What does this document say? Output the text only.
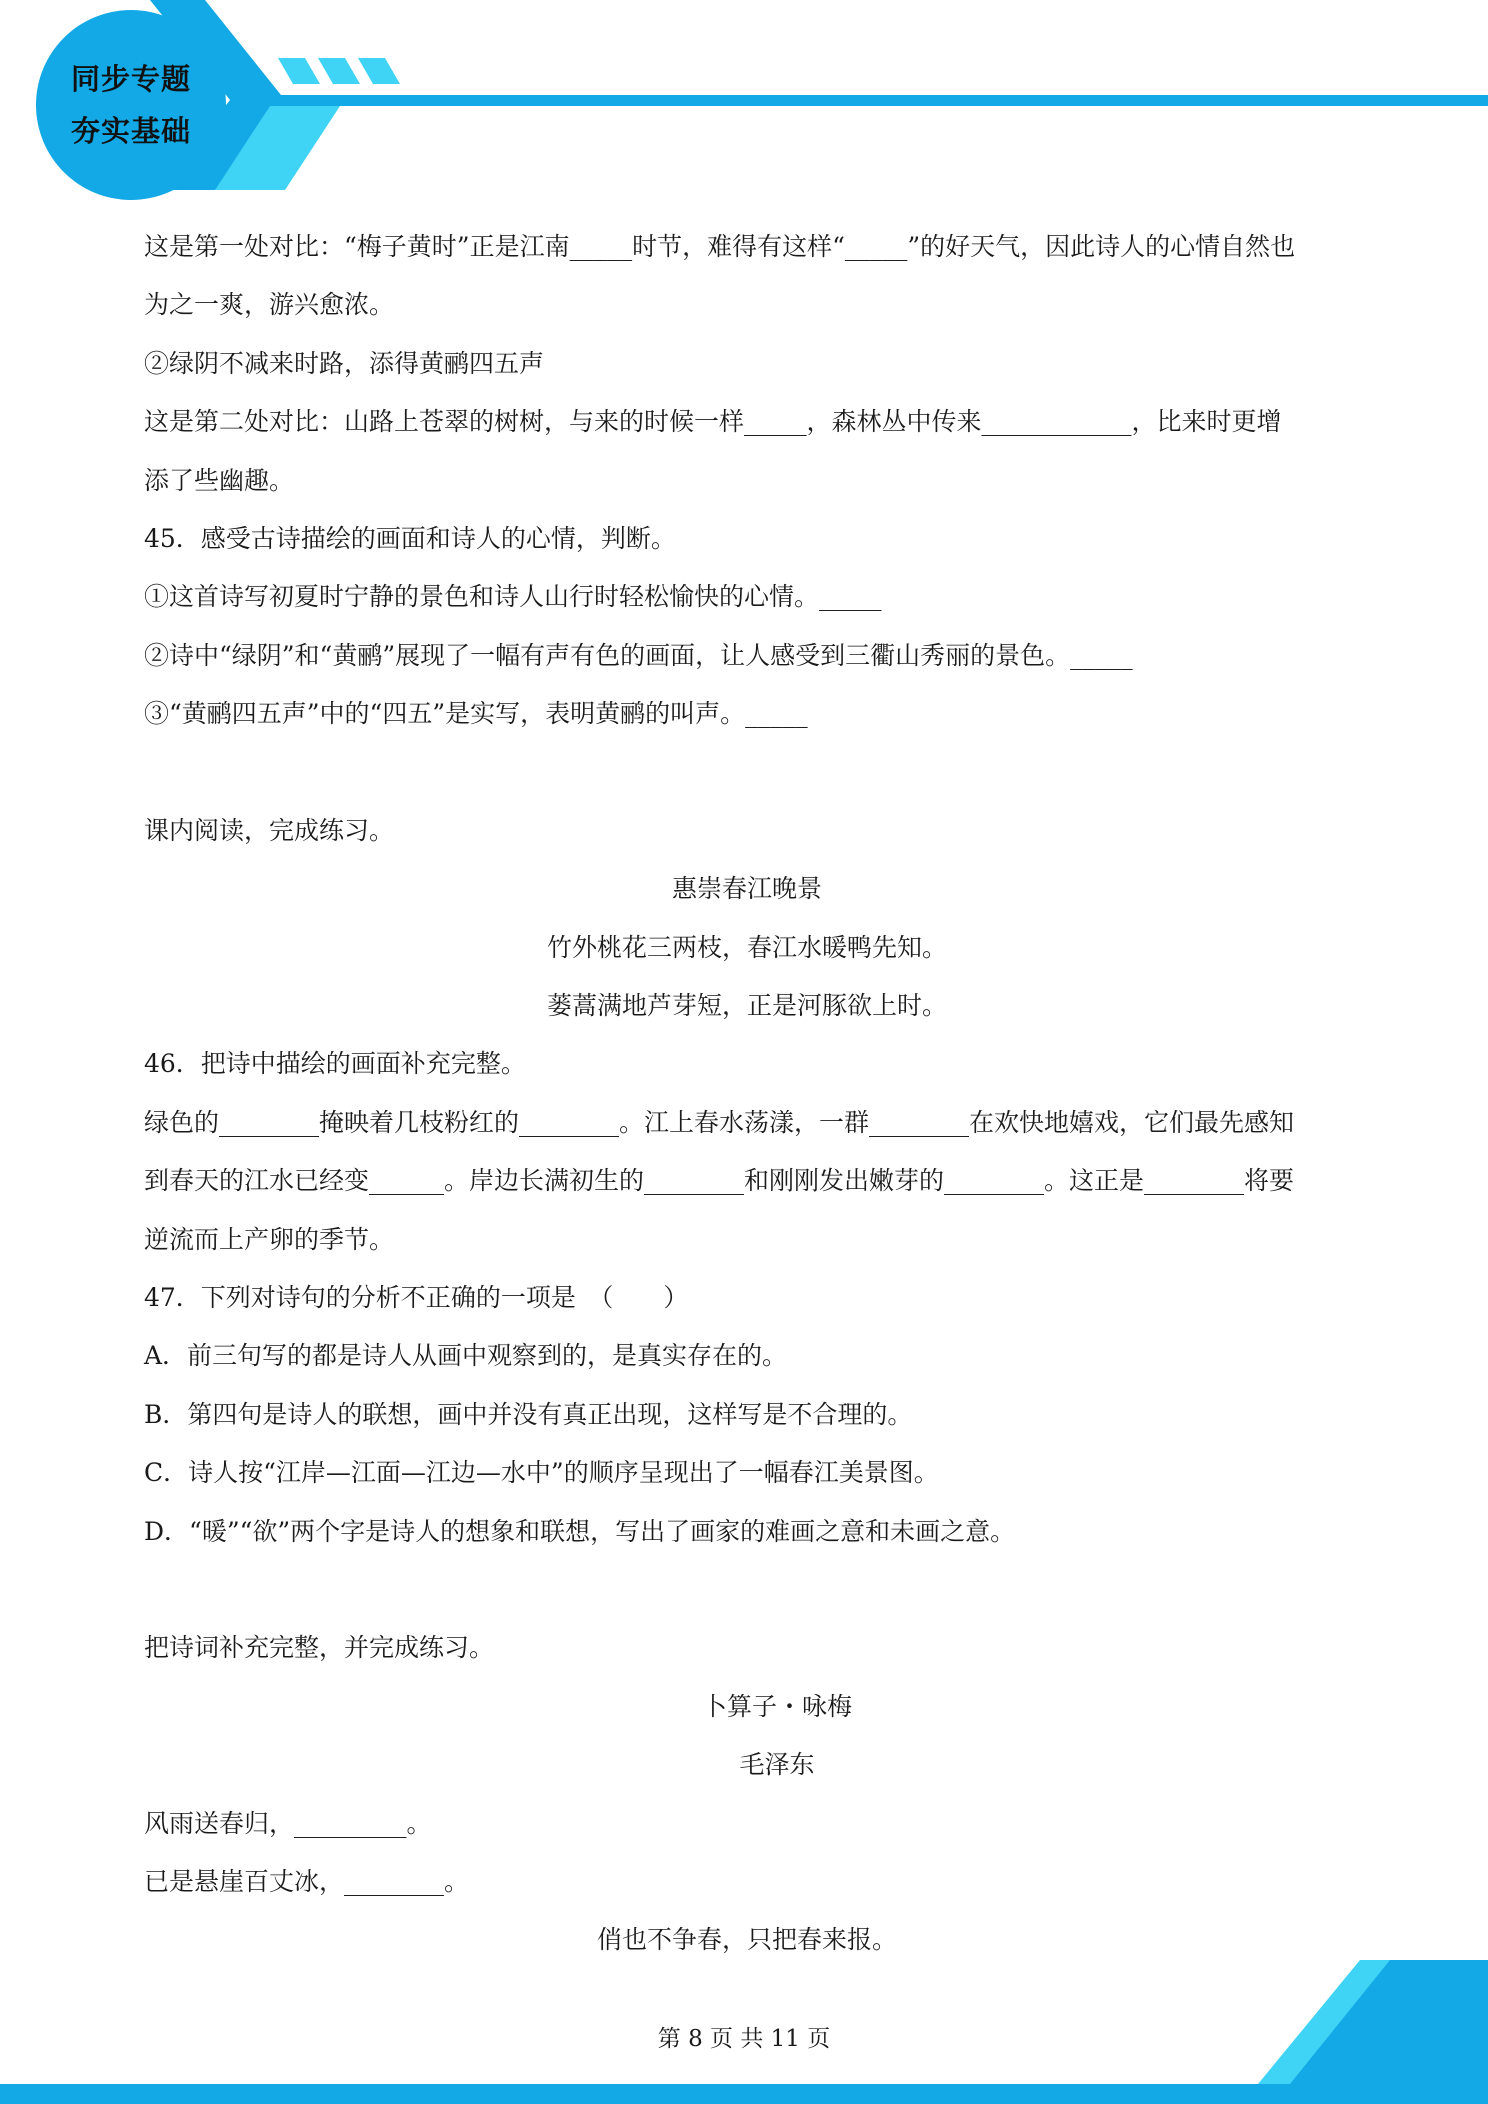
同步专题
夯实基础
这是第一处对比：“梅子黄时”正是江南_____时节，难得有这样“_____”的好天气，因此诗人的心情自然也
为之一爽，游兴愈浓。
②绿阴不减来时路，添得黄鹂四五声
这是第二处对比：山路上苍翠的树树，与来的时候一样_____，森林丛中传来____________，比来时更增
添了些幽趣。
45．感受古诗描绘的画面和诗人的心情，判断。
①这首诗写初夏时宁静的景色和诗人山行时轻松愉快的心情。_____
②诗中“绿阴”和“黄鹂”展现了一幅有声有色的画面，让人感受到三衢山秀丽的景色。_____
③“黄鹂四五声”中的“四五”是实写，表明黄鹂的叫声。_____
课内阅读，完成练习。
惠崇春江晚景
竹外桃花三两枝，春江水暖鸭先知。
蒌蒿满地芦芽短，正是河豚欲上时。
46．把诗中描绘的画面补充完整。
绿色的________掩映着几枝粉红的________。江上春水荡漾，一群________在欢快地嬉戏，它们最先感知
到春天的江水已经变______。岸边长满初生的________和刚刚发出嫩芽的________。这正是________将要
逆流而上产卵的季节。
47．下列对诗句的分析不正确的一项是　（　　）
A．前三句写的都是诗人从画中观察到的，是真实存在的。
B．第四句是诗人的联想，画中并没有真正出现，这样写是不合理的。
C．诗人按“江岸—江面—江边—水中”的顺序呈现出了一幅春江美景图。
D．“暖”“欲”两个字是诗人的想象和联想，写出了画家的难画之意和未画之意。
把诗词补充完整，并完成练习。
卜算子・咏梅
毛泽东
风雨送春归，_________。
已是悬崖百丈冰，________。
俏也不争春，只把春来报。
第 8 页 共 11 页
